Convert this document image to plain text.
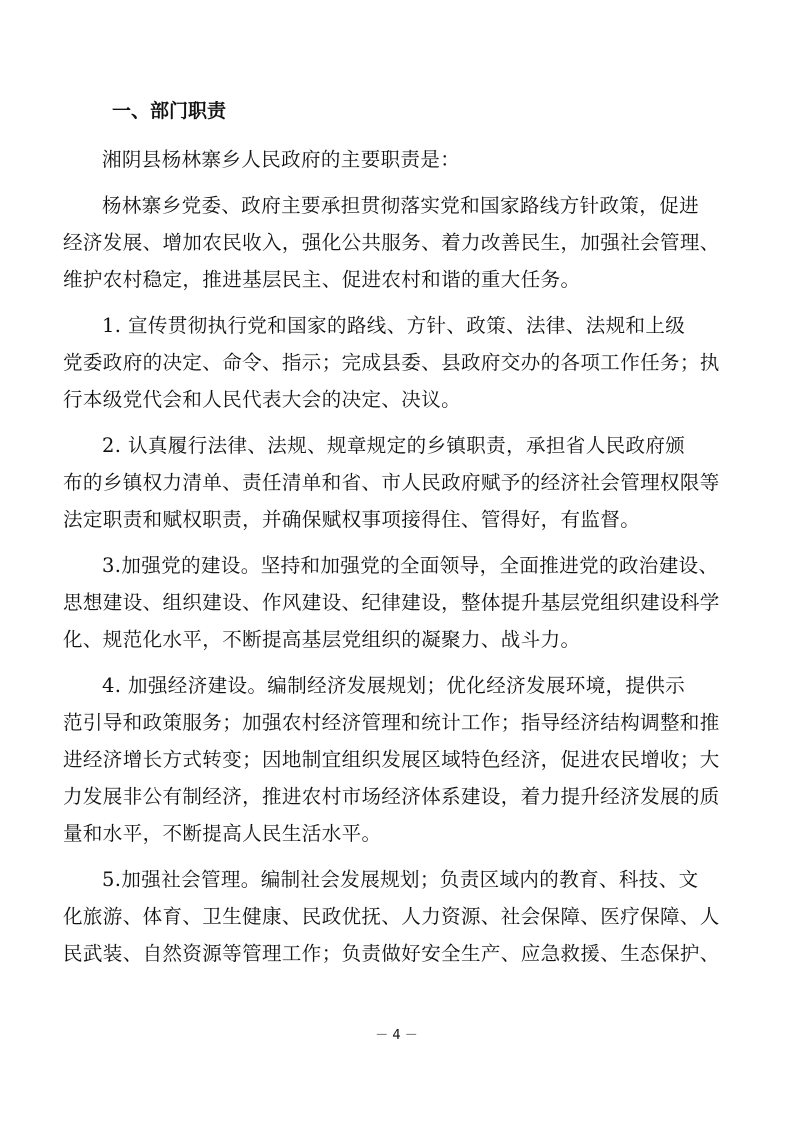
一、部门职责

湘阴县杨林寨乡人民政府的主要职责是：

杨林寨乡党委、政府主要承担贯彻落实党和国家路线方针政策，促进
经济发展、增加农民收入，强化公共服务、着力改善民生，加强社会管理、
维护农村稳定，推进基层民主、促进农村和谐的重大任务。

1. 宣传贯彻执行党和国家的路线、方针、政策、法律、法规和上级
党委政府的决定、命令、指示；完成县委、县政府交办的各项工作任务；执
行本级党代会和人民代表大会的决定、决议。

2. 认真履行法律、法规、规章规定的乡镇职责，承担省人民政府颁
布的乡镇权力清单、责任清单和省、市人民政府赋予的经济社会管理权限等
法定职责和赋权职责，并确保赋权事项接得住、管得好，有监督。

3.加强党的建设。坚持和加强党的全面领导，全面推进党的政治建设、
思想建设、组织建设、作风建设、纪律建设，整体提升基层党组织建设科学
化、规范化水平，不断提高基层党组织的凝聚力、战斗力。

4. 加强经济建设。编制经济发展规划；优化经济发展环境，提供示
范引导和政策服务；加强农村经济管理和统计工作；指导经济结构调整和推
进经济增长方式转变；因地制宜组织发展区域特色经济，促进农民增收；大
力发展非公有制经济，推进农村市场经济体系建设，着力提升经济发展的质
量和水平，不断提高人民生活水平。

5.加强社会管理。编制社会发展规划；负责区域内的教育、科技、文
化旅游、体育、卫生健康、民政优抚、人力资源、社会保障、医疗保障、人
民武装、自然资源等管理工作；负责做好安全生产、应急救援、生态保护、

－ 4 －
